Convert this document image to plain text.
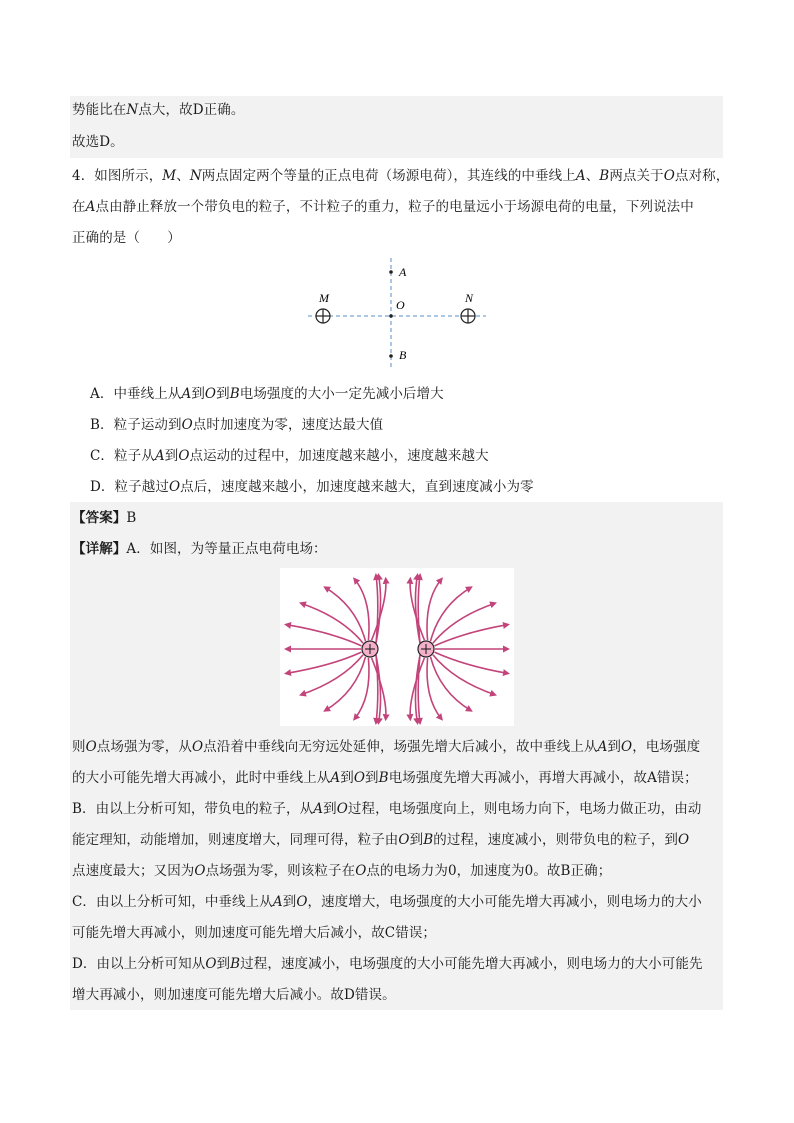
势能比在N点大，故D正确。
故选D。
4．如图所示，M、N两点固定两个等量的正点电荷（场源电荷），其连线的中垂线上A、B两点关于O点对称，
在A点由静止释放一个带负电的粒子，不计粒子的重力，粒子的电量远小于场源电荷的电量，下列说法中
正确的是（　　）
A
O
B
M	N
A．中垂线上从A到O到B电场强度的大小一定先减小后增大
B．粒子运动到O点时加速度为零，速度达最大值
C．粒子从A到O点运动的过程中，加速度越来越小，速度越来越大
D．粒子越过O点后，速度越来越小，加速度越来越大，直到速度减小为零
【答案】B
【详解】A．如图，为等量正点电荷电场：
则O点场强为零，从O点沿着中垂线向无穷远处延伸，场强先增大后减小，故中垂线上从A到O，电场强度
的大小可能先增大再减小，此时中垂线上从A到O到B电场强度先增大再减小，再增大再减小，故A错误；
B．由以上分析可知，带负电的粒子，从A到O过程，电场强度向上，则电场力向下，电场力做正功，由动
能定理知，动能增加，则速度增大，同理可得，粒子由O到B的过程，速度减小，则带负电的粒子，到O
点速度最大；又因为O点场强为零，则该粒子在O点的电场力为0，加速度为0。故B正确；
C．由以上分析可知，中垂线上从A到O，速度增大，电场强度的大小可能先增大再减小，则电场力的大小
可能先增大再减小，则加速度可能先增大后减小，故C错误；
D．由以上分析可知从O到B过程，速度减小，电场强度的大小可能先增大再减小，则电场力的大小可能先
增大再减小，则加速度可能先增大后减小。故D错误。
